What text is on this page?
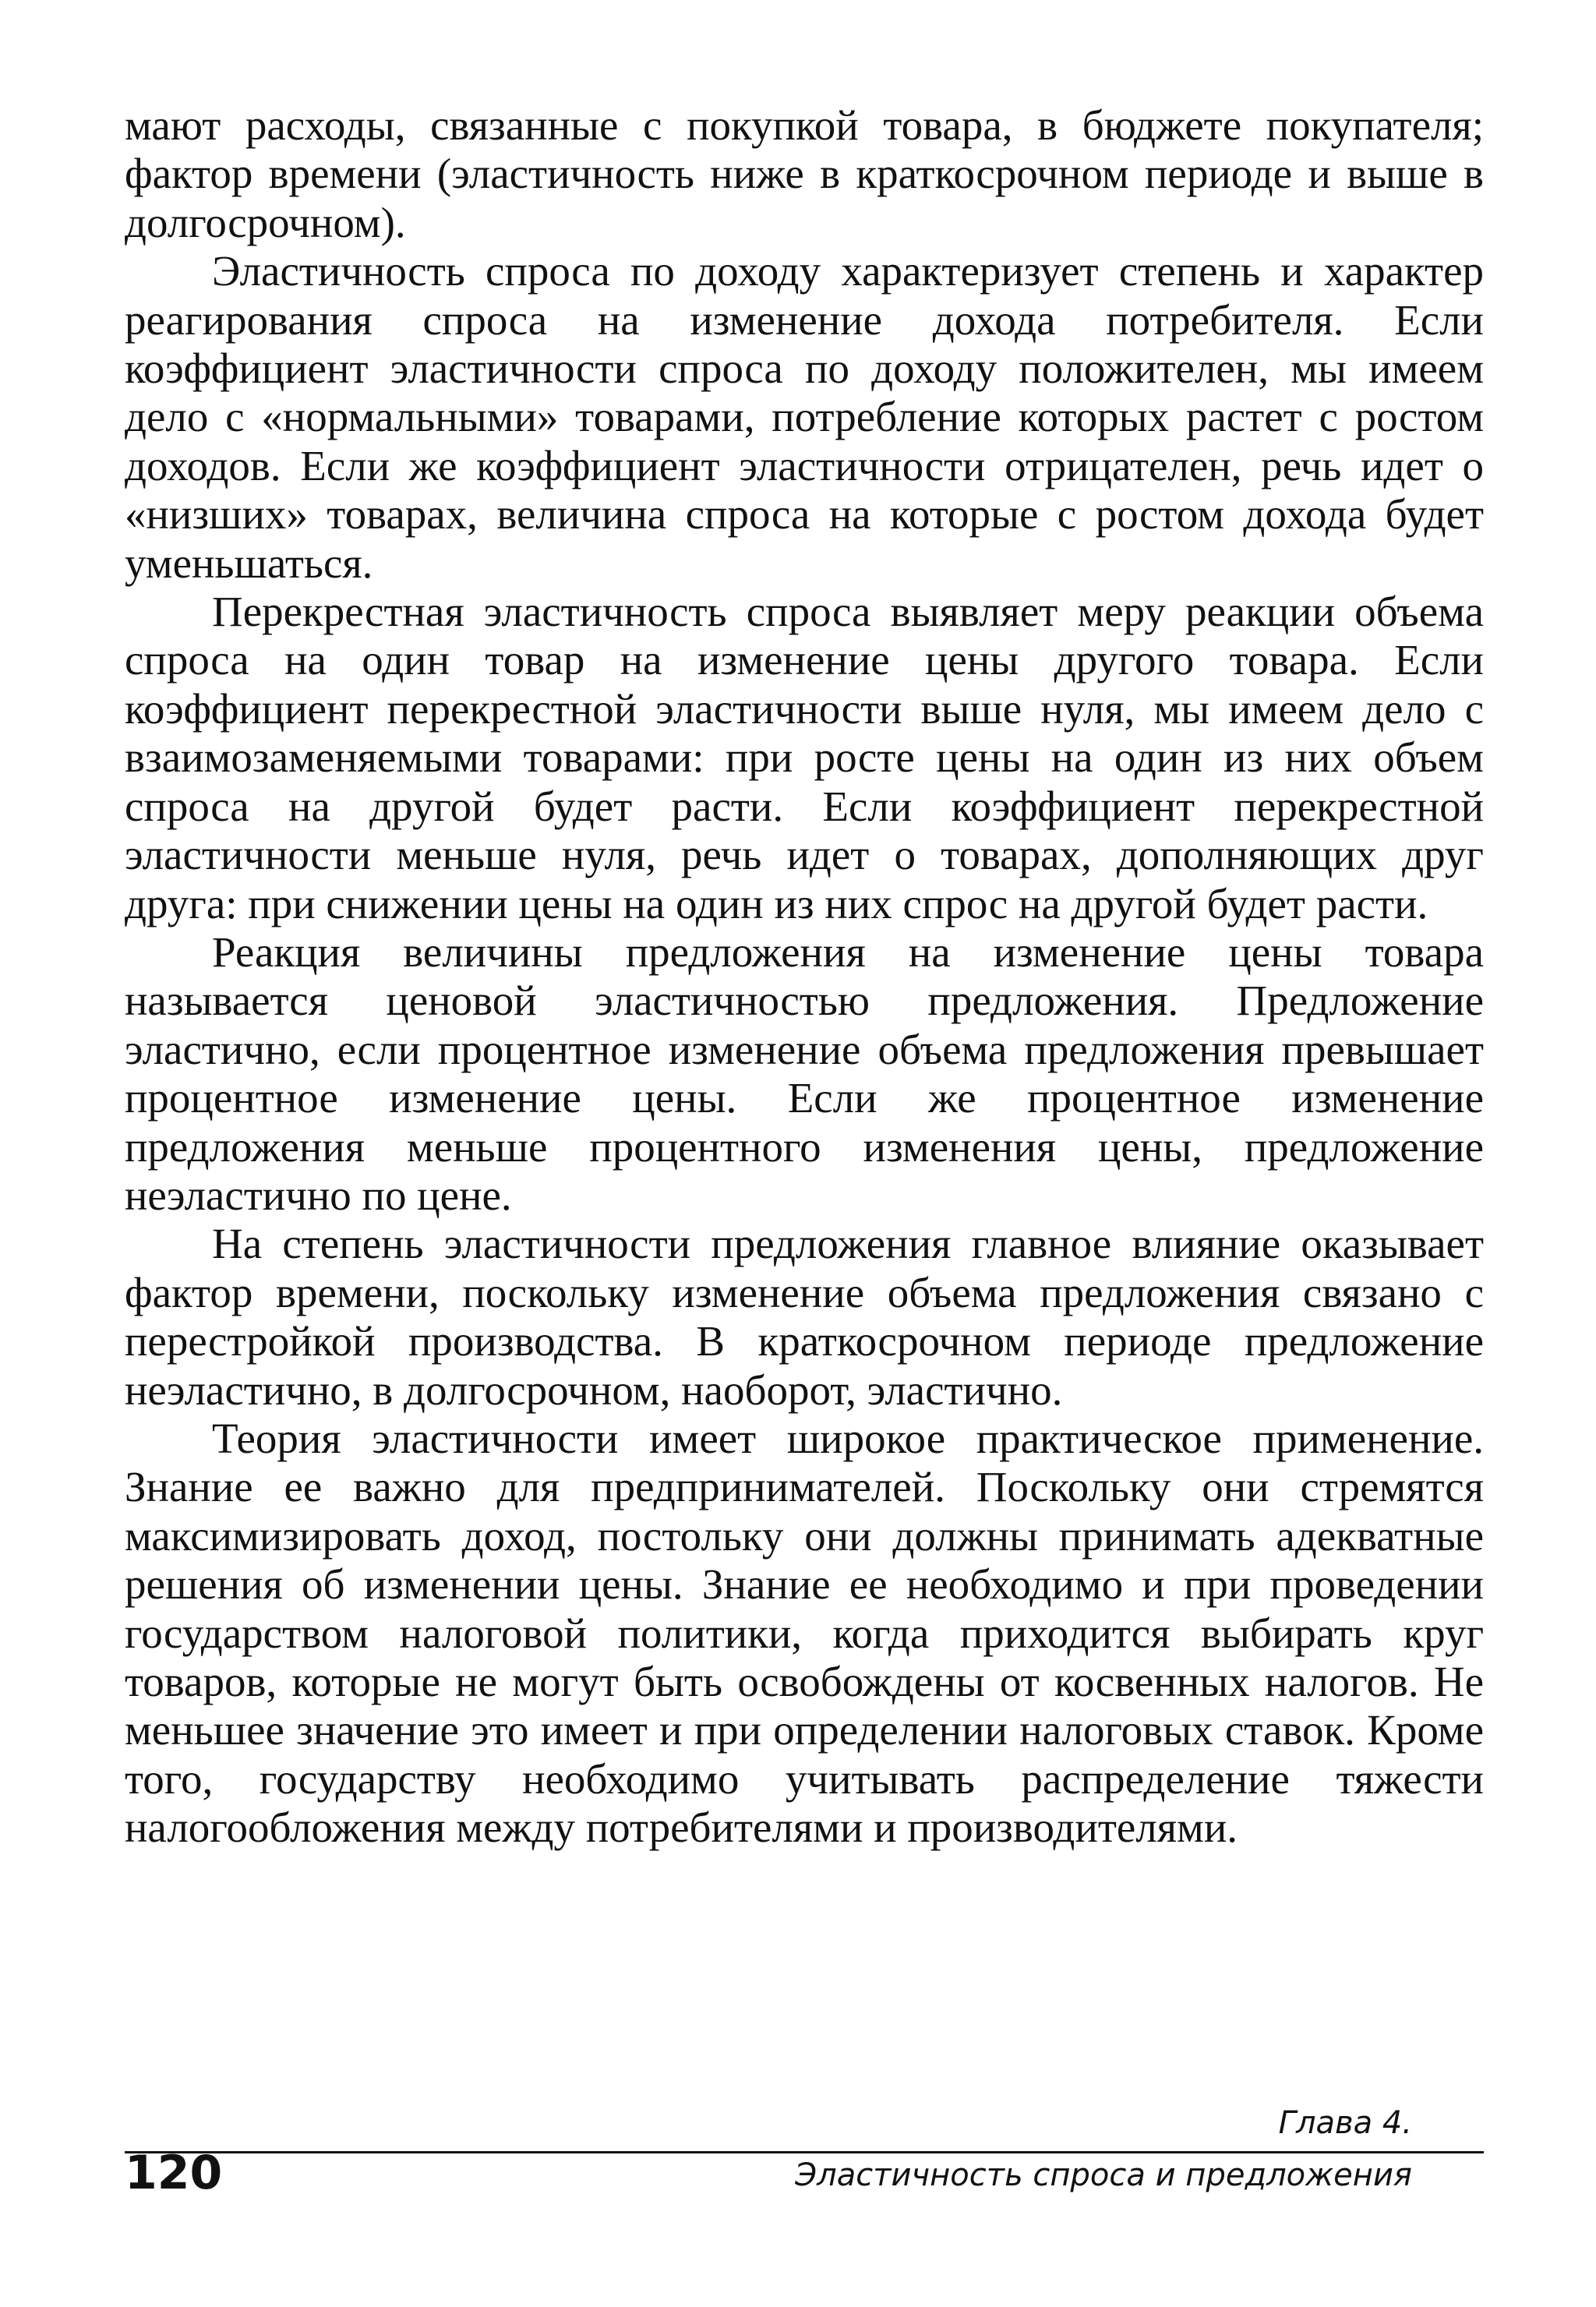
мают расходы, связанные с покупкой товара, в бюджете покупателя; фактор времени (эластичность ниже в краткосрочном периоде и выше в долгосрочном).

Эластичность спроса по доходу характеризует степень и характер реагирования спроса на изменение дохода потребителя. Если коэффициент эластичности спроса по доходу положителен, мы имеем дело с «нормальными» товарами, потребление которых растет с ростом доходов. Если же коэффициент эластичности отрицателен, речь идет о «низших» товарах, величина спроса на которые с ростом дохода будет уменьшаться.

Перекрестная эластичность спроса выявляет меру реакции объема спроса на один товар на изменение цены другого товара. Если коэффициент перекрестной эластичности выше нуля, мы имеем дело с взаимозаменяемыми товарами: при росте цены на один из них объем спроса на другой будет расти. Если коэффициент перекрестной эластичности меньше нуля, речь идет о товарах, дополняющих друг друга: при снижении цены на один из них спрос на другой будет расти.

Реакция величины предложения на изменение цены товара называется ценовой эластичностью предложения. Предложение эластично, если процентное изменение объема предложения превышает процентное изменение цены. Если же процентное изменение предложения меньше процентного изменения цены, предложение неэластично по цене.

На степень эластичности предложения главное влияние оказывает фактор времени, поскольку изменение объема предложения связано с перестройкой производства. В краткосрочном периоде предложение неэластично, в долгосрочном, наоборот, эластично.

Теория эластичности имеет широкое практическое применение. Знание ее важно для предпринимателей. Поскольку они стремятся максимизировать доход, постольку они должны принимать адекватные решения об изменении цены. Знание ее необходимо и при проведении государством налоговой политики, когда приходится выбирать круг товаров, которые не могут быть освобождены от косвенных налогов. Не меньшее значение это имеет и при определении налоговых ставок. Кроме того, государству необходимо учитывать распределение тяжести налогообложения между потребителями и производителями.

Глава 4.
120	Эластичность спроса и предложения
